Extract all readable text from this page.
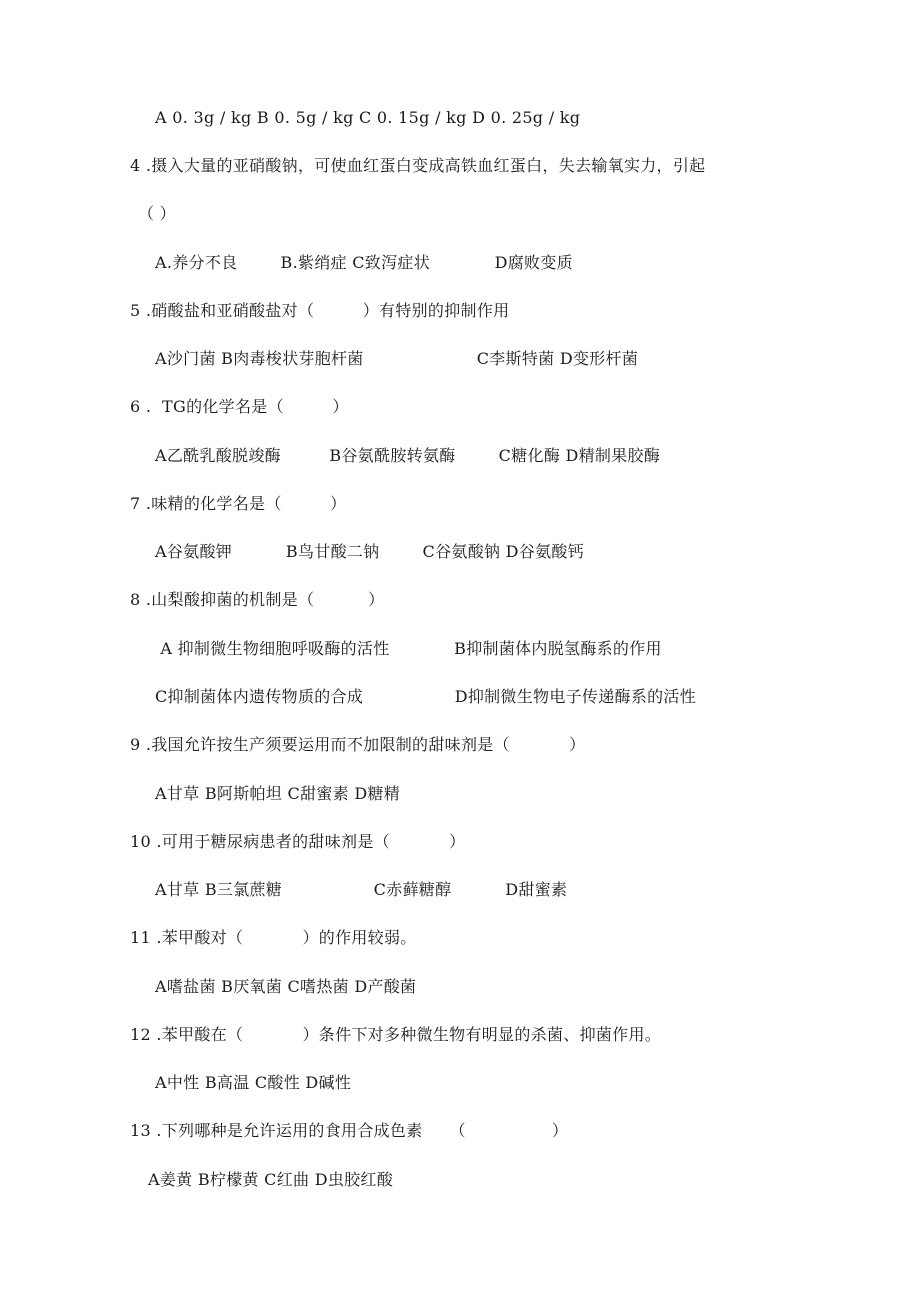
A 0. 3g / kg B 0. 5g / kg C 0. 15g / kg D 0. 25g / kg
4 .摄入大量的亚硝酸钠，可使血红蛋白变成高铁血红蛋白，失去输氧实力，引起
（ ）
A.养分不良        B.紫绡症 C致泻症状            D腐败变质
5 .硝酸盐和亚硝酸盐对（         ）有特别的抑制作用
A沙门菌 B肉毒梭状芽胞杆菌                     C李斯特菌 D变形杆菌
6 .  TG的化学名是（         ）
A乙酰乳酸脱竣酶         B谷氨酰胺转氨酶        C糖化酶 D精制果胶酶
7 .味精的化学名是（         ）
A谷氨酸钾          B鸟甘酸二钠        C谷氨酸钠 D谷氨酸钙
8 .山梨酸抑菌的机制是（          ）
A 抑制微生物细胞呼吸酶的活性            B抑制菌体内脱氢酶系的作用
C抑制菌体内遗传物质的合成                 D抑制微生物电子传递酶系的活性
9 .我国允许按生产须要运用而不加限制的甜味剂是（           ）
A甘草 B阿斯帕坦 C甜蜜素 D糖精
10 .可用于糖尿病患者的甜味剂是（           ）
A甘草 B三氯蔗糖                 C赤藓糖醇          D甜蜜素
11 .苯甲酸对（           ）的作用较弱。
A嗜盐菌 B厌氧菌 C嗜热菌 D产酸菌
12 .苯甲酸在（           ）条件下对多种微生物有明显的杀菌、抑菌作用。
A中性 B高温 C酸性 D碱性
13 .下列哪种是允许运用的食用合成色素     （                ）
A姜黄 B柠檬黄 C红曲 D虫胶红酸
